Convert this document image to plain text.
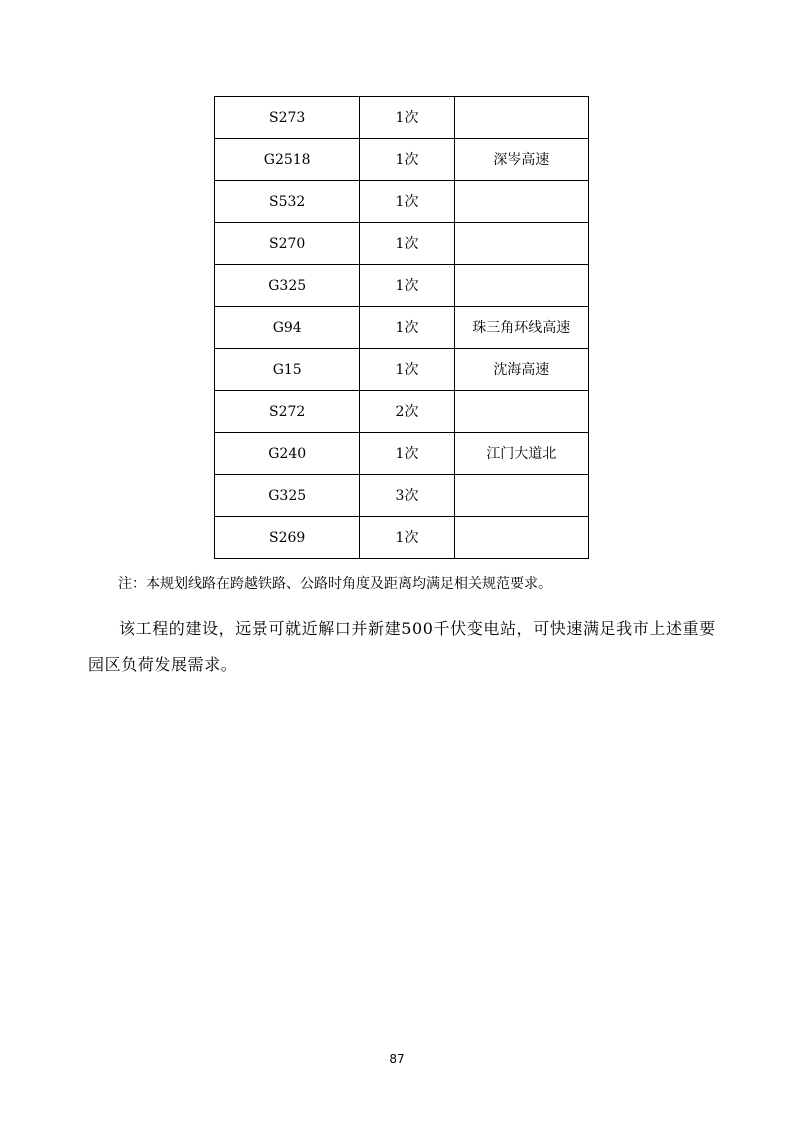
S273	1次	
G2518	1次	深岑高速
S532	1次	
S270	1次	
G325	1次	
G94	1次	珠三角环线高速
G15	1次	沈海高速
S272	2次	
G240	1次	江门大道北
G325	3次	
S269	1次	
注：本规划线路在跨越铁路、公路时角度及距离均满足相关规范要求。

该工程的建设，远景可就近解口并新建500千伏变电站，可快速满足我市上述重要园区负荷发展需求。

87
